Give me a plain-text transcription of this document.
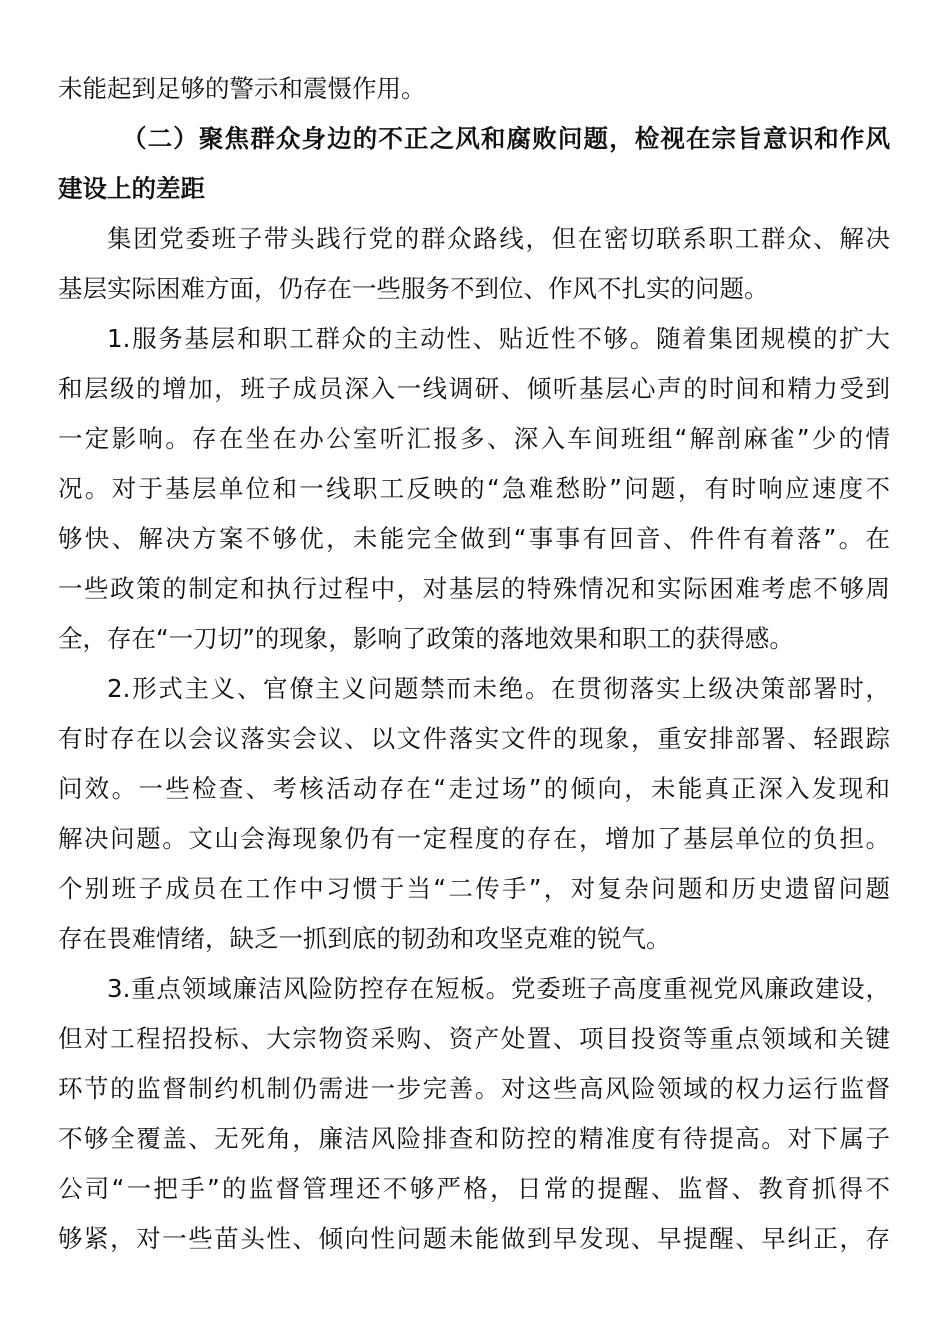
未能起到足够的警示和震慑作用。
（二）聚焦群众身边的不正之风和腐败问题，检视在宗旨意识和作风
建设上的差距
集团党委班子带头践行党的群众路线，但在密切联系职工群众、解决
基层实际困难方面，仍存在一些服务不到位、作风不扎实的问题。
1.服务基层和职工群众的主动性、贴近性不够。随着集团规模的扩大
和层级的增加，班子成员深入一线调研、倾听基层心声的时间和精力受到
一定影响。存在坐在办公室听汇报多、深入车间班组“解剖麻雀”少的情
况。对于基层单位和一线职工反映的“急难愁盼”问题，有时响应速度不
够快、解决方案不够优，未能完全做到“事事有回音、件件有着落”。在
一些政策的制定和执行过程中，对基层的特殊情况和实际困难考虑不够周
全，存在“一刀切”的现象，影响了政策的落地效果和职工的获得感。
2.形式主义、官僚主义问题禁而未绝。在贯彻落实上级决策部署时，
有时存在以会议落实会议、以文件落实文件的现象，重安排部署、轻跟踪
问效。一些检查、考核活动存在“走过场”的倾向，未能真正深入发现和
解决问题。文山会海现象仍有一定程度的存在，增加了基层单位的负担。
个别班子成员在工作中习惯于当“二传手”，对复杂问题和历史遗留问题
存在畏难情绪，缺乏一抓到底的韧劲和攻坚克难的锐气。
3.重点领域廉洁风险防控存在短板。党委班子高度重视党风廉政建设，
但对工程招投标、大宗物资采购、资产处置、项目投资等重点领域和关键
环节的监督制约机制仍需进一步完善。对这些高风险领域的权力运行监督
不够全覆盖、无死角，廉洁风险排查和防控的精准度有待提高。对下属子
公司“一把手”的监督管理还不够严格，日常的提醒、监督、教育抓得不
够紧，对一些苗头性、倾向性问题未能做到早发现、早提醒、早纠正，存
